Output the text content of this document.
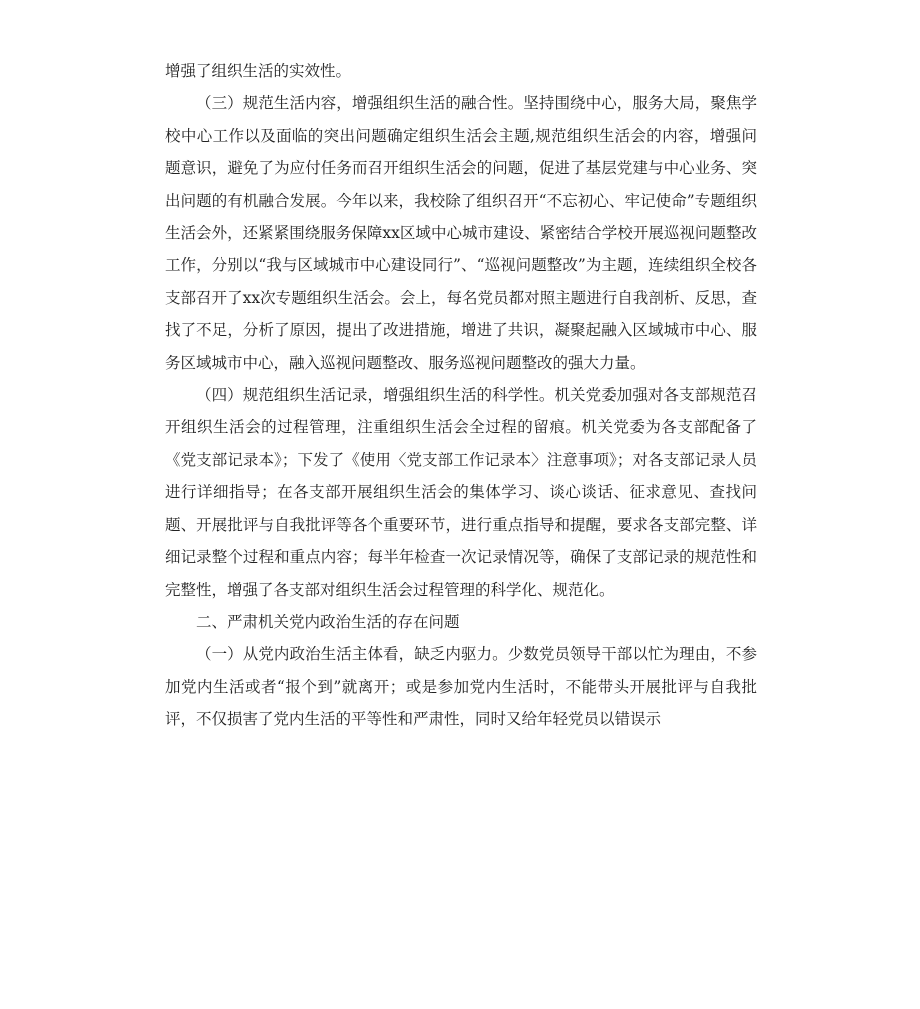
增强了组织生活的实效性。

（三）规范生活内容，增强组织生活的融合性。坚持围绕中心，服务大局，聚焦学校中心工作以及面临的突出问题确定组织生活会主题,规范组织生活会的内容，增强问题意识，避免了为应付任务而召开组织生活会的问题，促进了基层党建与中心业务、突出问题的有机融合发展。今年以来，我校除了组织召开“不忘初心、牢记使命”专题组织生活会外，还紧紧围绕服务保障xx区域中心城市建设、紧密结合学校开展巡视问题整改工作，分别以“我与区域城市中心建设同行”、“巡视问题整改”为主题，连续组织全校各支部召开了xx次专题组织生活会。会上，每名党员都对照主题进行自我剖析、反思，查找了不足，分析了原因，提出了改进措施，增进了共识，凝聚起融入区域城市中心、服务区域城市中心，融入巡视问题整改、服务巡视问题整改的强大力量。

（四）规范组织生活记录，增强组织生活的科学性。机关党委加强对各支部规范召开组织生活会的过程管理，注重组织生活会全过程的留痕。机关党委为各支部配备了《党支部记录本》；下发了《使用〈党支部工作记录本〉注意事项》；对各支部记录人员进行详细指导；在各支部开展组织生活会的集体学习、谈心谈话、征求意见、查找问题、开展批评与自我批评等各个重要环节，进行重点指导和提醒，要求各支部完整、详细记录整个过程和重点内容；每半年检查一次记录情况等，确保了支部记录的规范性和完整性，增强了各支部对组织生活会过程管理的科学化、规范化。

二、严肃机关党内政治生活的存在问题

（一）从党内政治生活主体看，缺乏内驱力。少数党员领导干部以忙为理由，不参加党内生活或者“报个到”就离开；或是参加党内生活时，不能带头开展批评与自我批评，不仅损害了党内生活的平等性和严肃性，同时又给年轻党员以错误示
